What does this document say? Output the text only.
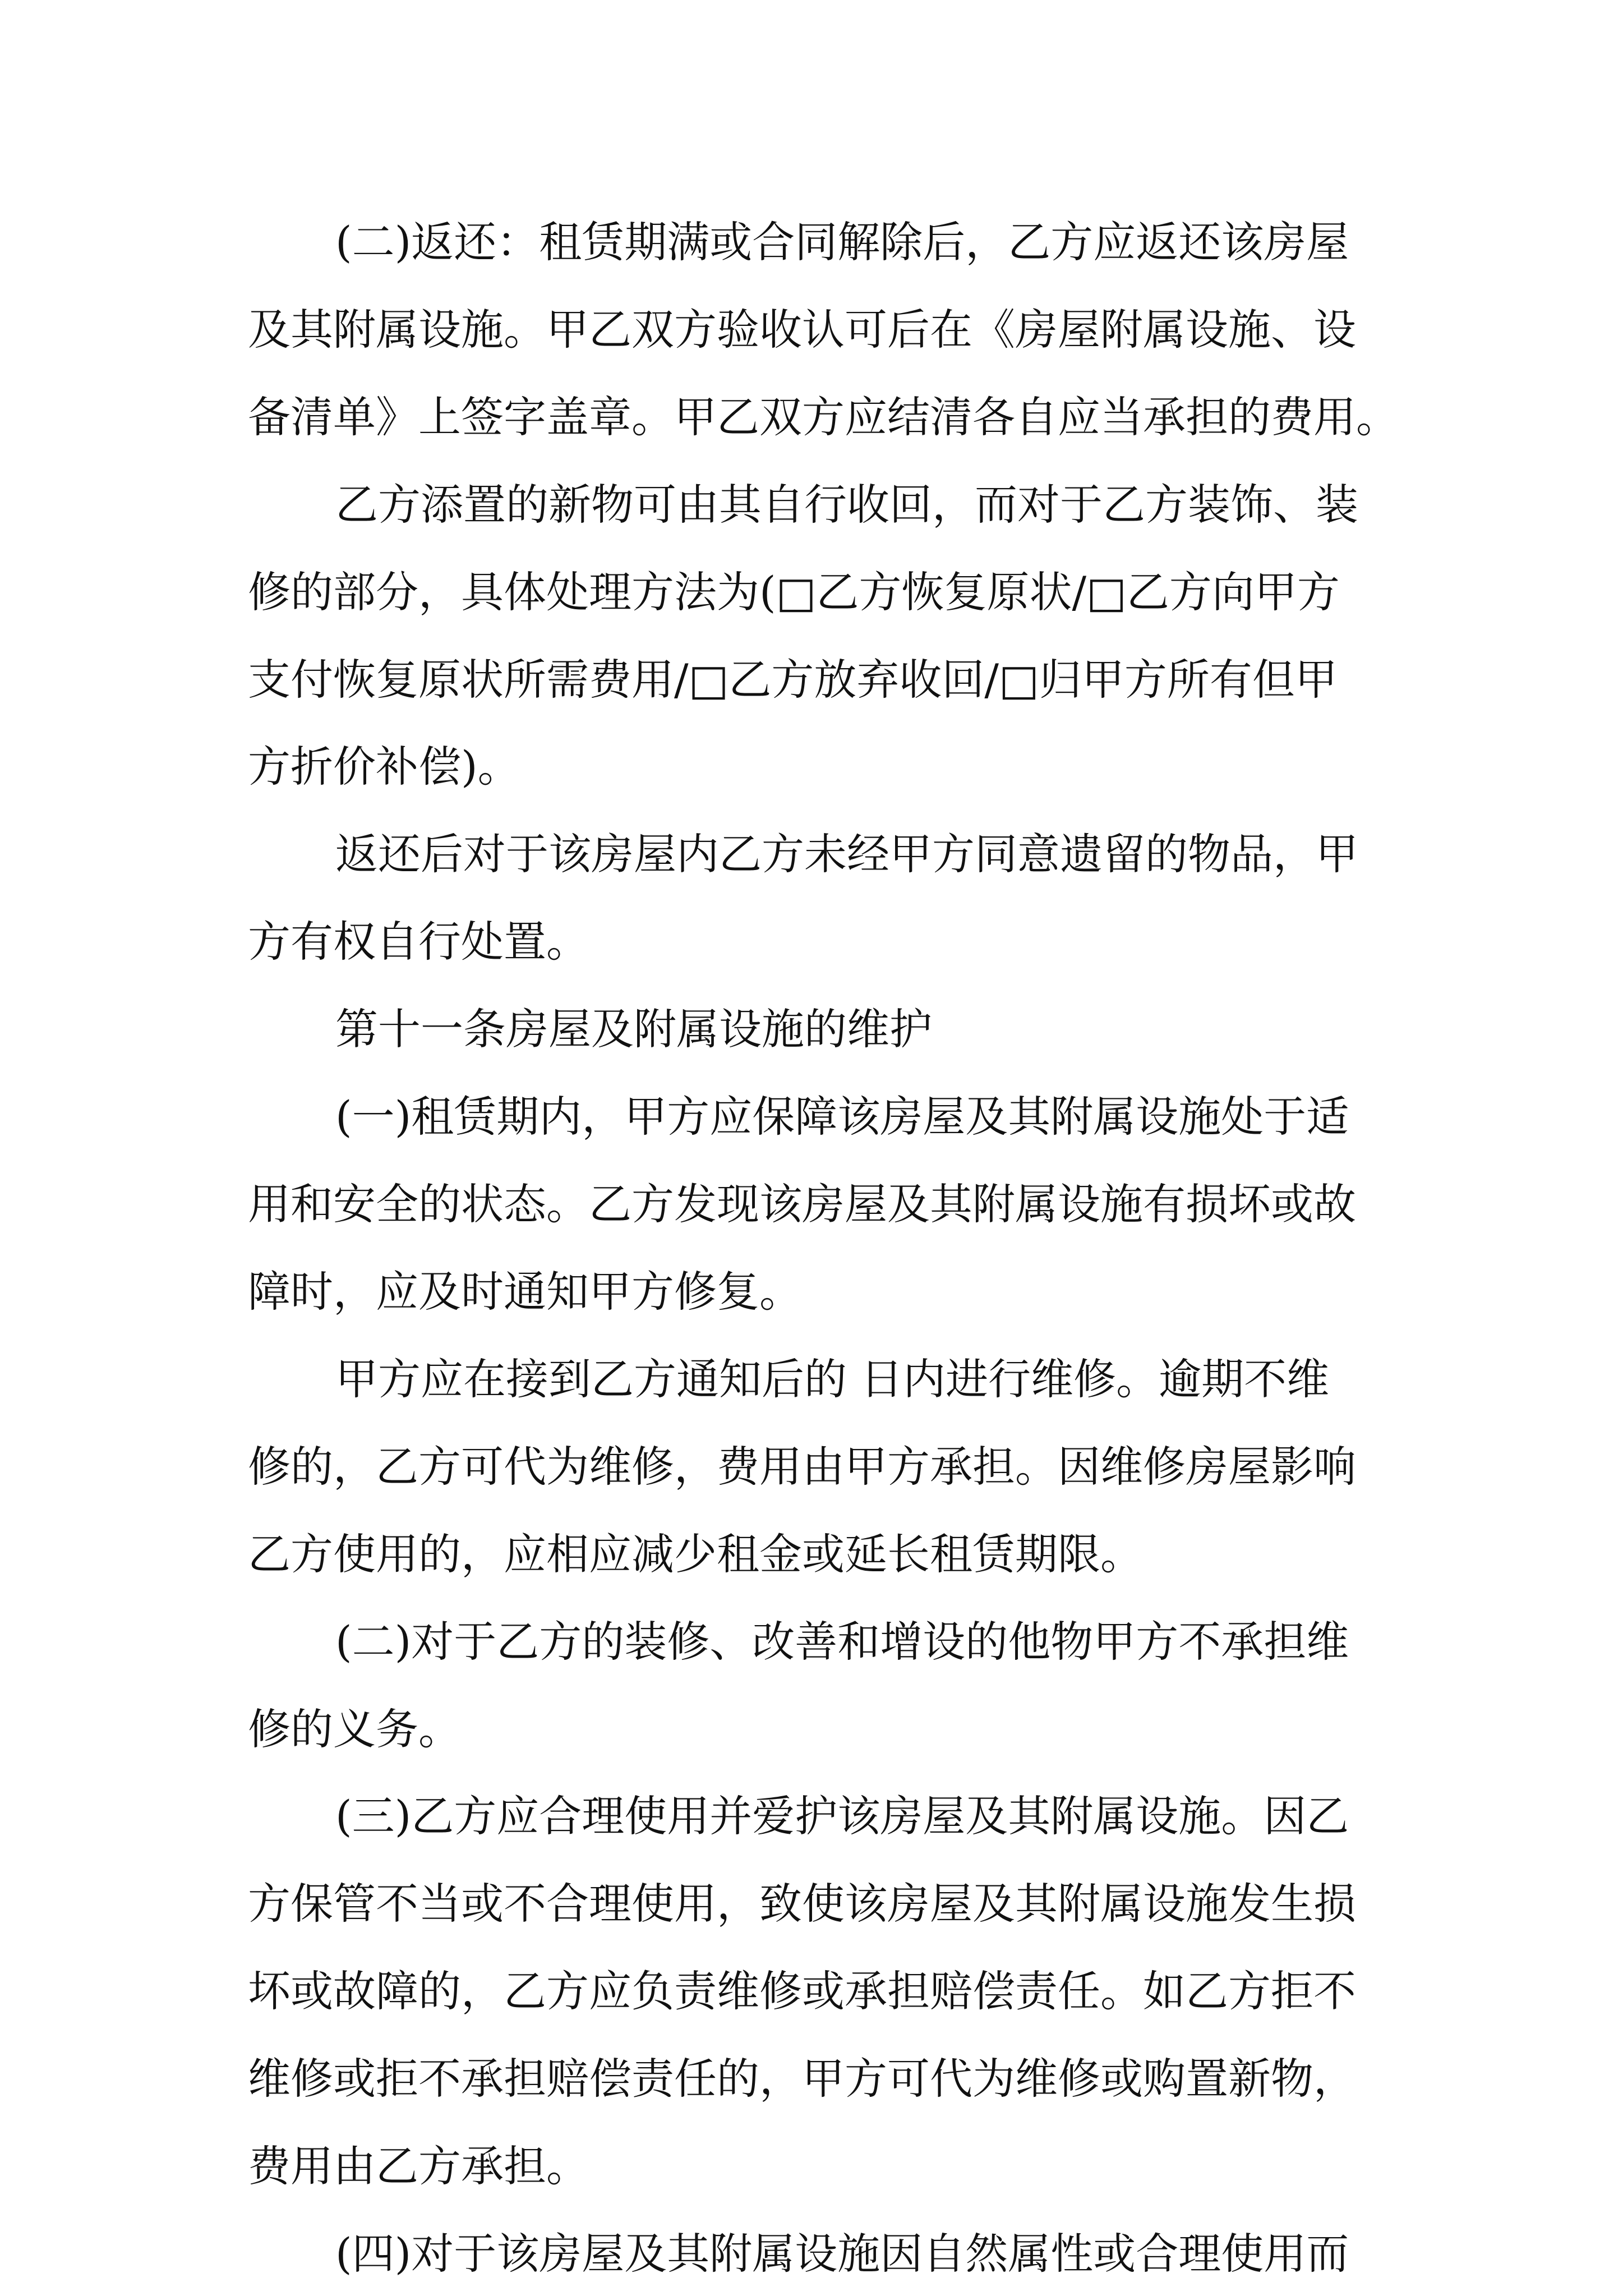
(二)返还：租赁期满或合同解除后，乙方应返还该房屋

及其附属设施。甲乙双方验收认可后在《房屋附属设施、设

备清单》上签字盖章。甲乙双方应结清各自应当承担的费用。

乙方添置的新物可由其自行收回，而对于乙方装饰、装

修的部分，具体处理方法为(□乙方恢复原状/□乙方向甲方

支付恢复原状所需费用/□乙方放弃收回/□归甲方所有但甲

方折价补偿)。

返还后对于该房屋内乙方未经甲方同意遗留的物品，甲

方有权自行处置。

第十一条房屋及附属设施的维护

(一)租赁期内，甲方应保障该房屋及其附属设施处于适

用和安全的状态。乙方发现该房屋及其附属设施有损坏或故

障时，应及时通知甲方修复。

甲方应在接到乙方通知后的 日内进行维修。逾期不维

修的，乙方可代为维修，费用由甲方承担。因维修房屋影响

乙方使用的，应相应减少租金或延长租赁期限。

(二)对于乙方的装修、改善和增设的他物甲方不承担维

修的义务。

(三)乙方应合理使用并爱护该房屋及其附属设施。因乙

方保管不当或不合理使用，致使该房屋及其附属设施发生损

坏或故障的，乙方应负责维修或承担赔偿责任。如乙方拒不

维修或拒不承担赔偿责任的，甲方可代为维修或购置新物，

费用由乙方承担。

(四)对于该房屋及其附属设施因自然属性或合理使用而
